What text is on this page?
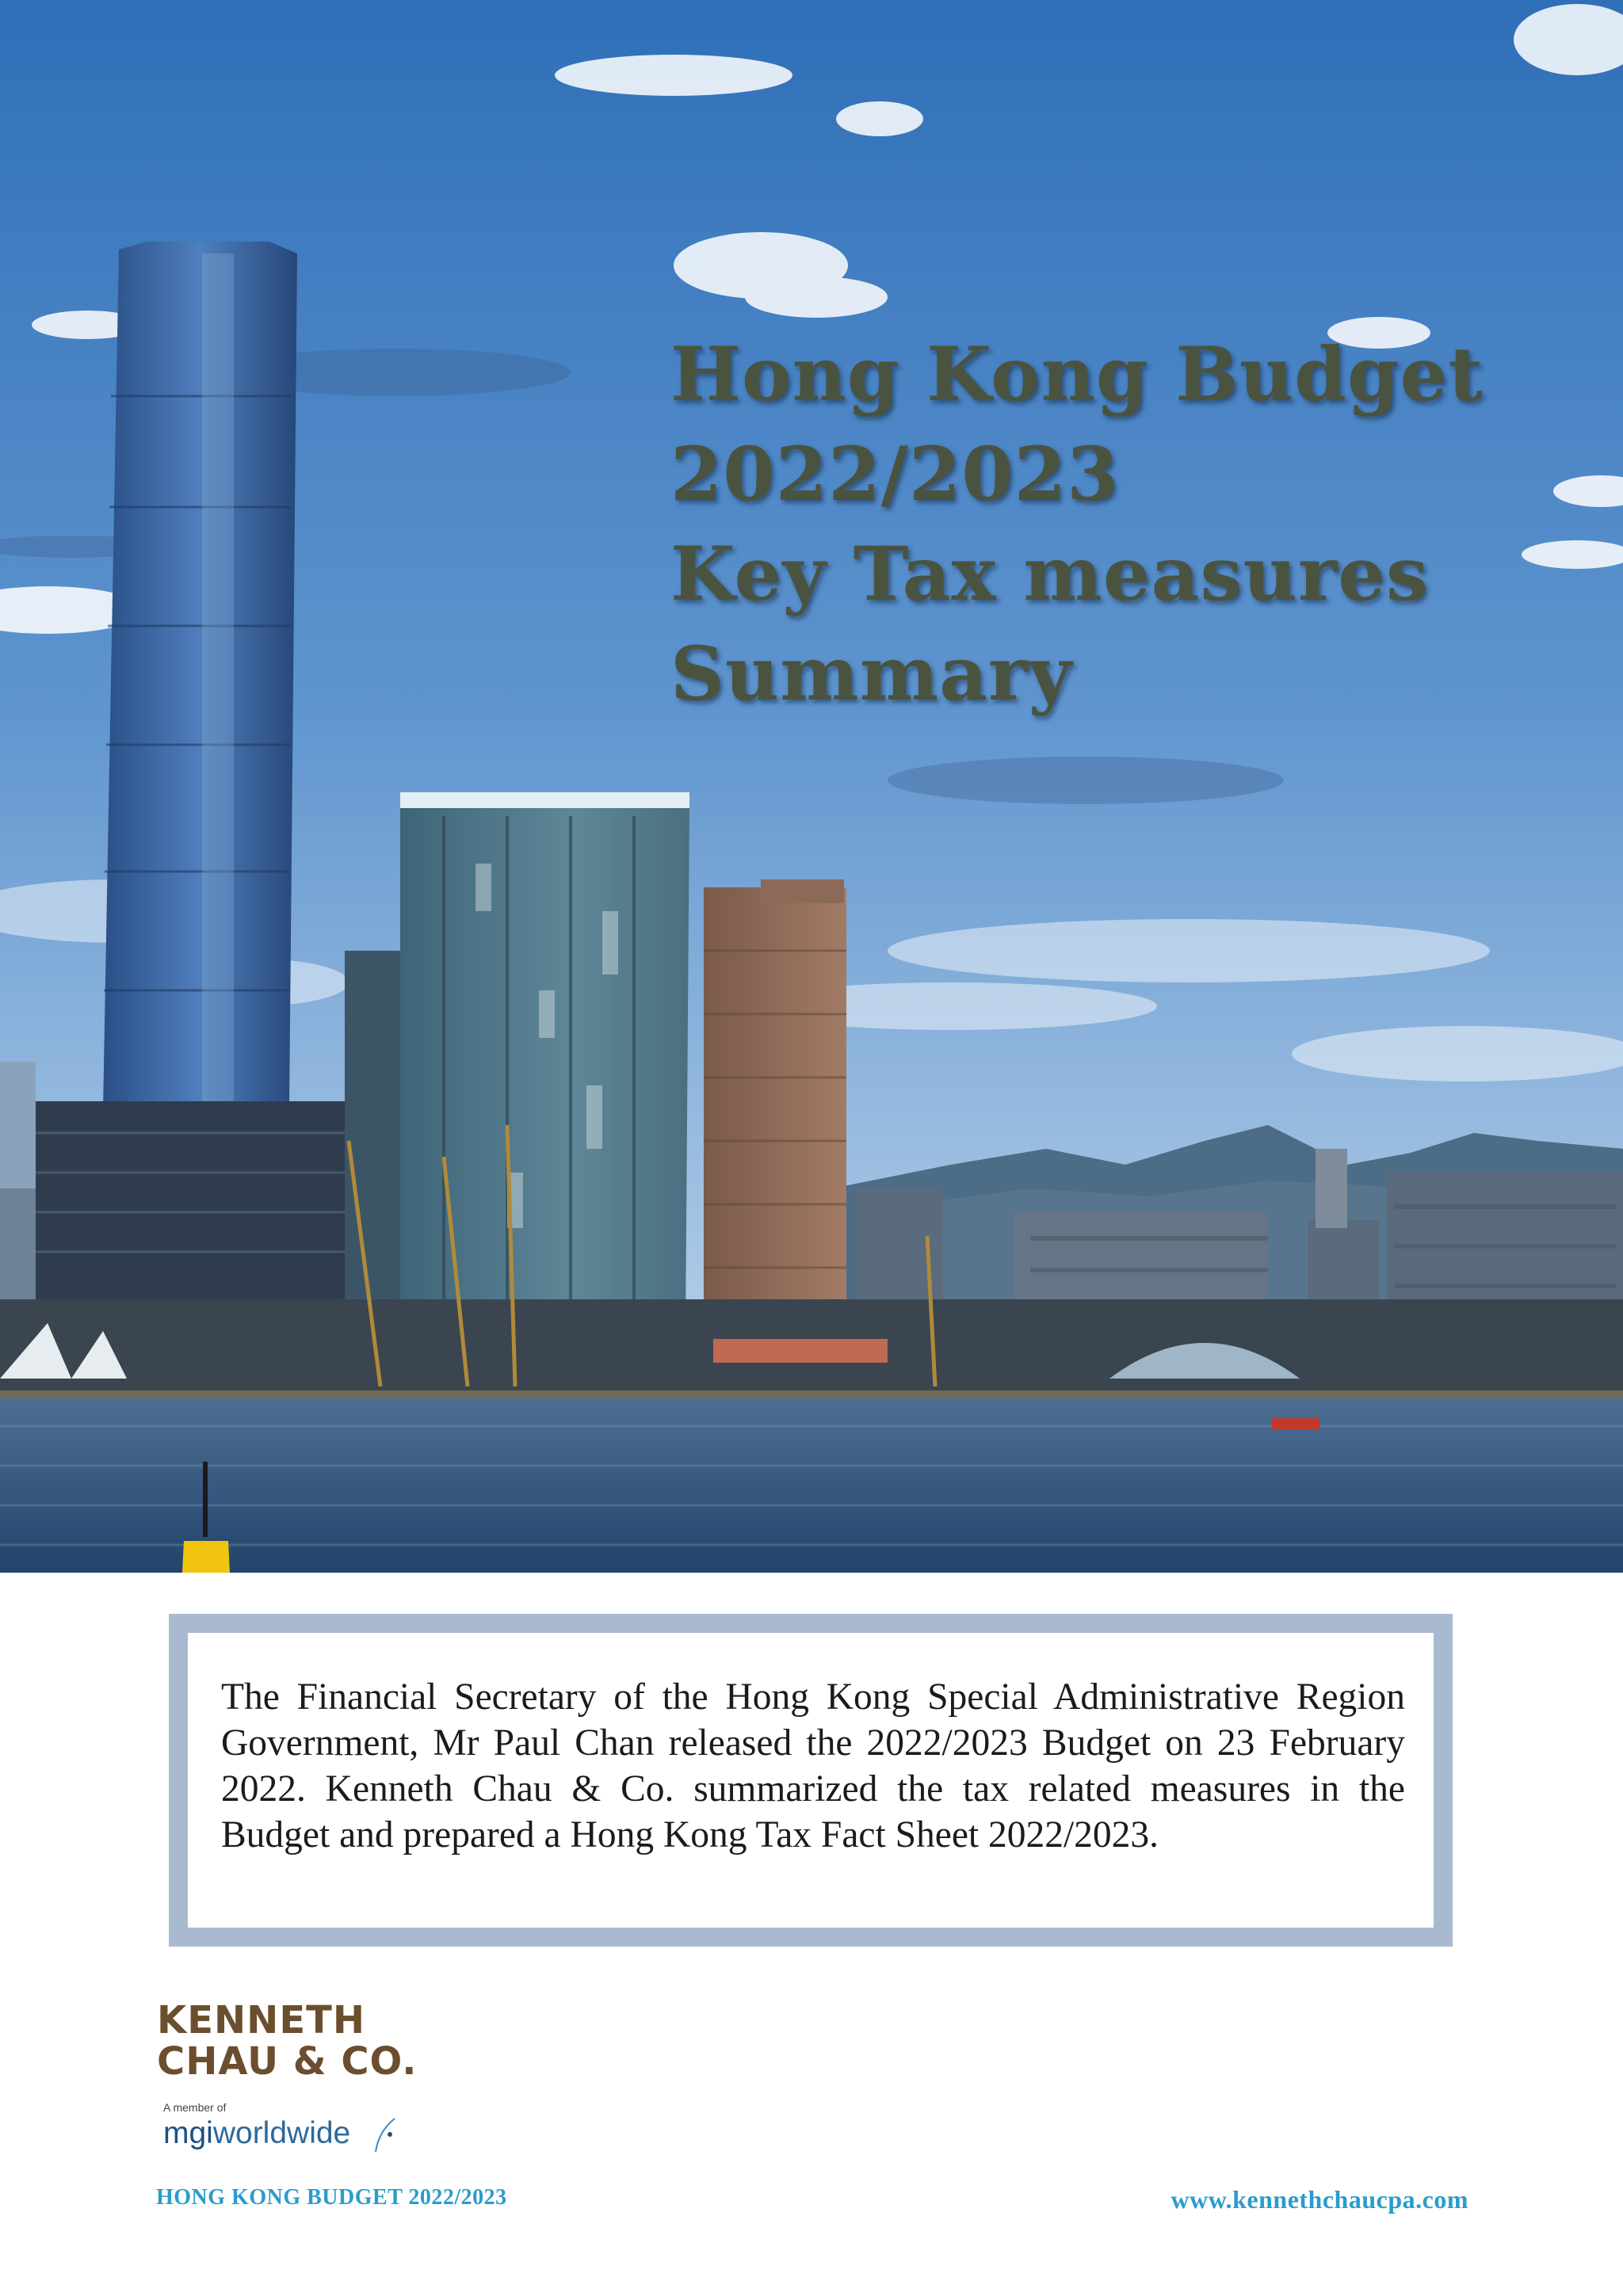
Hong Kong Budget
2022/2023
Key Tax measures
Summary

The Financial Secretary of the Hong Kong Special Administrative Region Government, Mr Paul Chan released the 2022/2023 Budget on 23 February 2022. Kenneth Chau & Co. summarized the tax related measures in the Budget and prepared a Hong Kong Tax Fact Sheet 2022/2023.

KENNETH
CHAU & CO.
A member of
mgiworldwide
HONG KONG BUDGET 2022/2023	www.kennethchaucpa.com
